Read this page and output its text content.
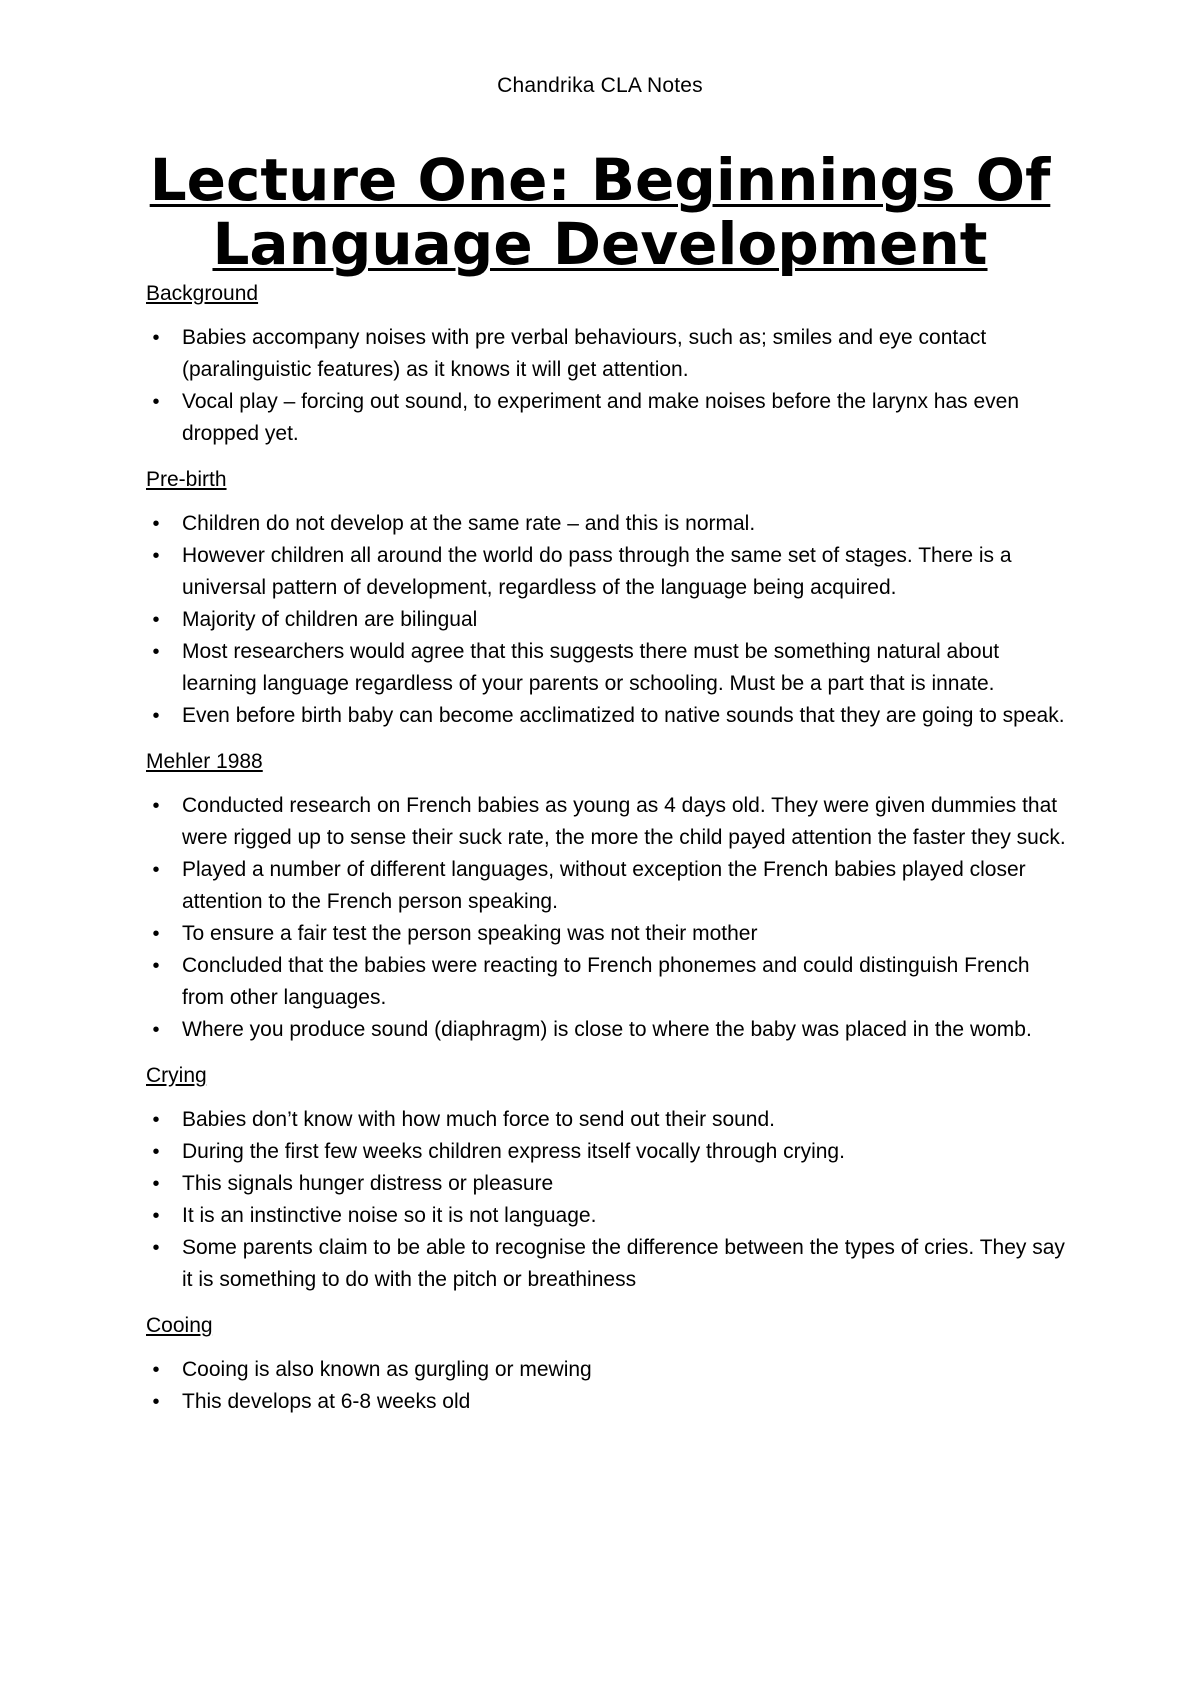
Chandrika CLA Notes
Lecture One: Beginnings Of
Language Development
Background
•	Babies accompany noises with pre verbal behaviours, such as; smiles and eye contact (paralinguistic features) as it knows it will get attention.
•	Vocal play – forcing out sound, to experiment and make noises before the larynx has even dropped yet.
Pre-birth
•	Children do not develop at the same rate – and this is normal.
•	However children all around the world do pass through the same set of stages. There is a universal pattern of development, regardless of the language being acquired.
•	Majority of children are bilingual
•	Most researchers would agree that this suggests there must be something natural about learning language regardless of your parents or schooling. Must be a part that is innate.
•	Even before birth baby can become acclimatized to native sounds that they are going to speak.
Mehler 1988
•	Conducted research on French babies as young as 4 days old. They were given dummies that were rigged up to sense their suck rate, the more the child payed attention the faster they suck.
•	Played a number of different languages, without exception the French babies played closer attention to the French person speaking.
•	To ensure a fair test the person speaking was not their mother
•	Concluded that the babies were reacting to French phonemes and could distinguish French from other languages.
•	Where you produce sound (diaphragm) is close to where the baby was placed in the womb.
Crying
•	Babies don’t know with how much force to send out their sound.
•	During the first few weeks children express itself vocally through crying.
•	This signals hunger distress or pleasure
•	It is an instinctive noise so it is not language.
•	Some parents claim to be able to recognise the difference between the types of cries. They say it is something to do with the pitch or breathiness
Cooing
•	Cooing is also known as gurgling or mewing
•	This develops at 6-8 weeks old
